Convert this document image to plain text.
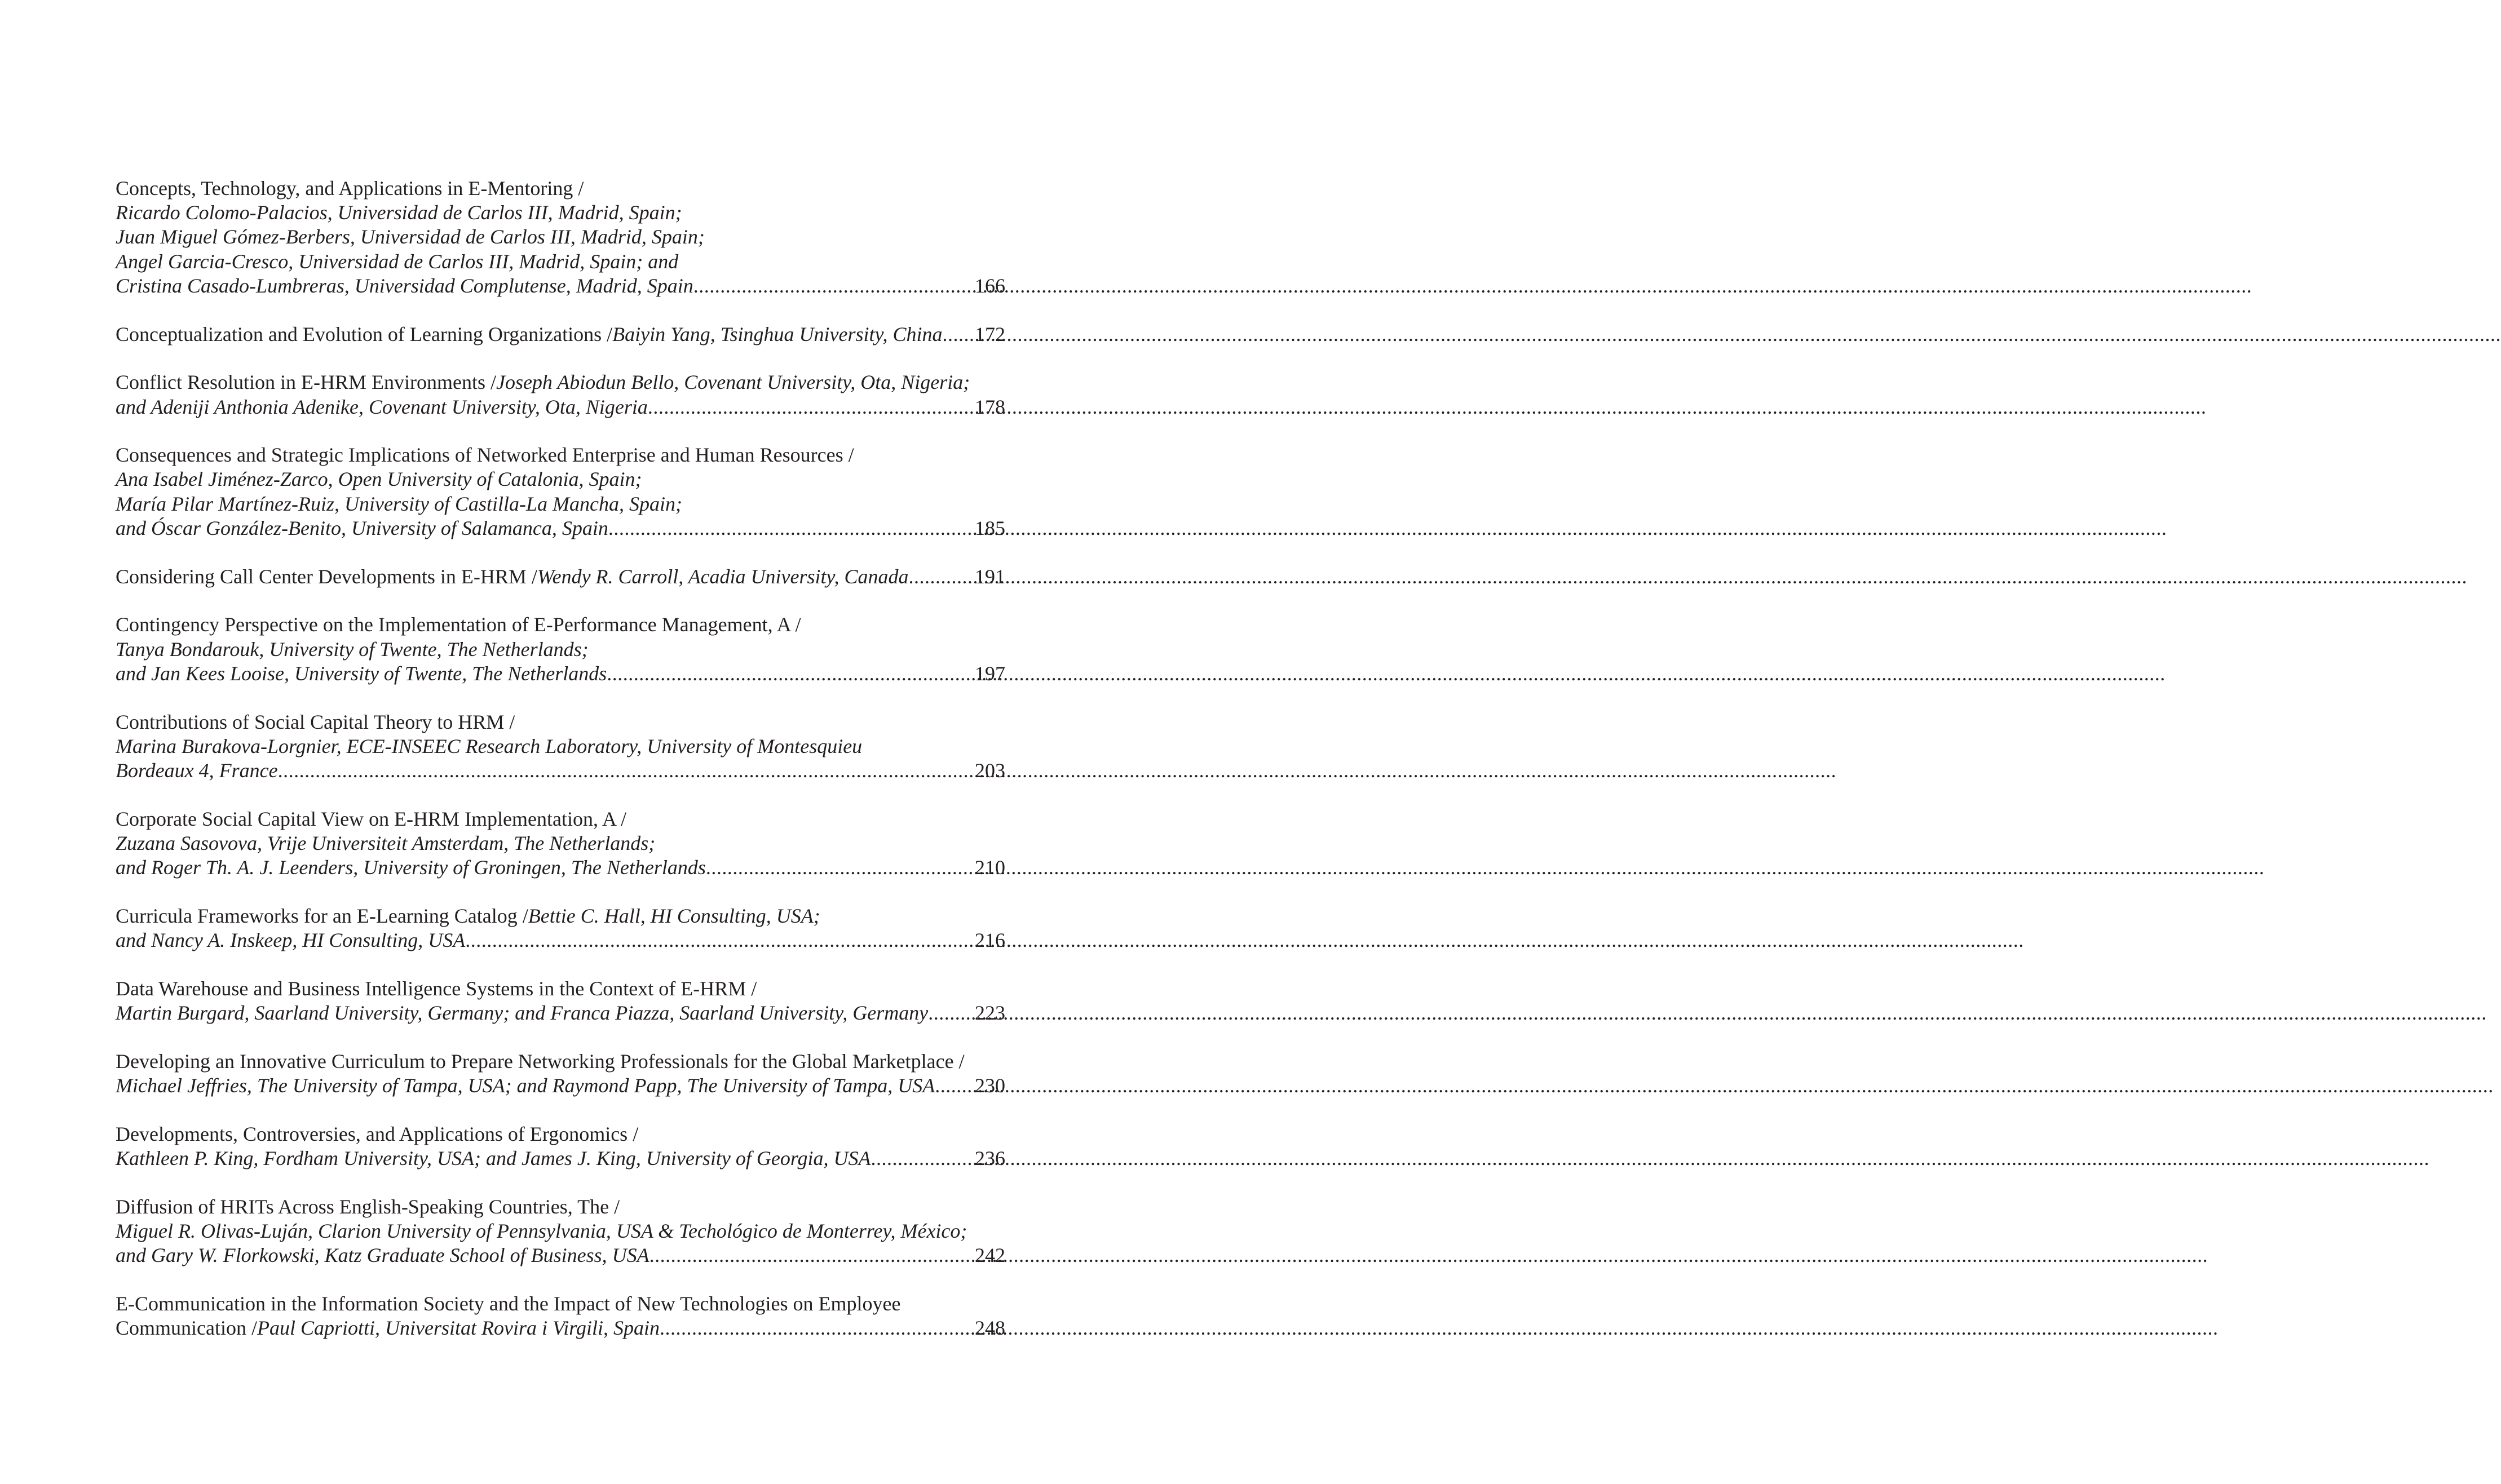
Concepts, Technology, and Applications in E-Mentoring /
Ricardo Colomo-Palacios, Universidad de Carlos III, Madrid, Spain;
Juan Miguel Gómez-Berbers, Universidad de Carlos III, Madrid, Spain;
Angel Garcia-Cresco, Universidad de Carlos III, Madrid, Spain; and
Cristina Casado-Lumbreras, Universidad Complutense, Madrid, Spain .....	166
Conceptualization and Evolution of Learning Organizations / Baiyin Yang, Tsinghua University, China ..... 172
Conflict Resolution in E-HRM Environments / Joseph Abiodun Bello, Covenant University, Ota, Nigeria;
and Adeniji Anthonia Adenike, Covenant University, Ota, Nigeria .....	178
Consequences and Strategic Implications of Networked Enterprise and Human Resources /
Ana Isabel Jiménez-Zarco, Open University of Catalonia, Spain;
María Pilar Martínez-Ruiz, University of Castilla-La Mancha, Spain;
and Óscar González-Benito, University of Salamanca, Spain .....	185
Considering Call Center Developments in E-HRM / Wendy R. Carroll, Acadia University, Canada .....	191
Contingency Perspective on the Implementation of E-Performance Management, A /
Tanya Bondarouk, University of Twente, The Netherlands;
and Jan Kees Looise, University of Twente, The Netherlands .....	197
Contributions of Social Capital Theory to HRM /
Marina Burakova-Lorgnier, ECE-INSEEC Research Laboratory, University of Montesquieu
Bordeaux 4, France .....	203
Corporate Social Capital View on E-HRM Implementation, A /
Zuzana Sasovova, Vrije Universiteit Amsterdam, The Netherlands;
and Roger Th. A. J. Leenders, University of Groningen, The Netherlands .....	210
Curricula Frameworks for an E-Learning Catalog / Bettie C. Hall, HI Consulting, USA;
and Nancy A. Inskeep, HI Consulting, USA .....	216
Data Warehouse and Business Intelligence Systems in the Context of E-HRM /
Martin Burgard, Saarland University, Germany; and Franca Piazza, Saarland University, Germany ..... 223
Developing an Innovative Curriculum to Prepare Networking Professionals for the Global Marketplace /
Michael Jeffries, The University of Tampa, USA; and Raymond Papp, The University of Tampa, USA ..... 230
Developments, Controversies, and Applications of Ergonomics /
Kathleen P. King, Fordham University, USA; and James J. King, University of Georgia, USA .....	236
Diffusion of HRITs Across English-Speaking Countries, The /
Miguel R. Olivas-Luján, Clarion University of Pennsylvania, USA & Techológico de Monterrey, México;
and Gary W. Florkowski, Katz Graduate School of Business, USA .....	242
E-Communication in the Information Society and the Impact of New Technologies on Employee
Communication / Paul Capriotti, Universitat Rovira i Virgili, Spain .....	248
